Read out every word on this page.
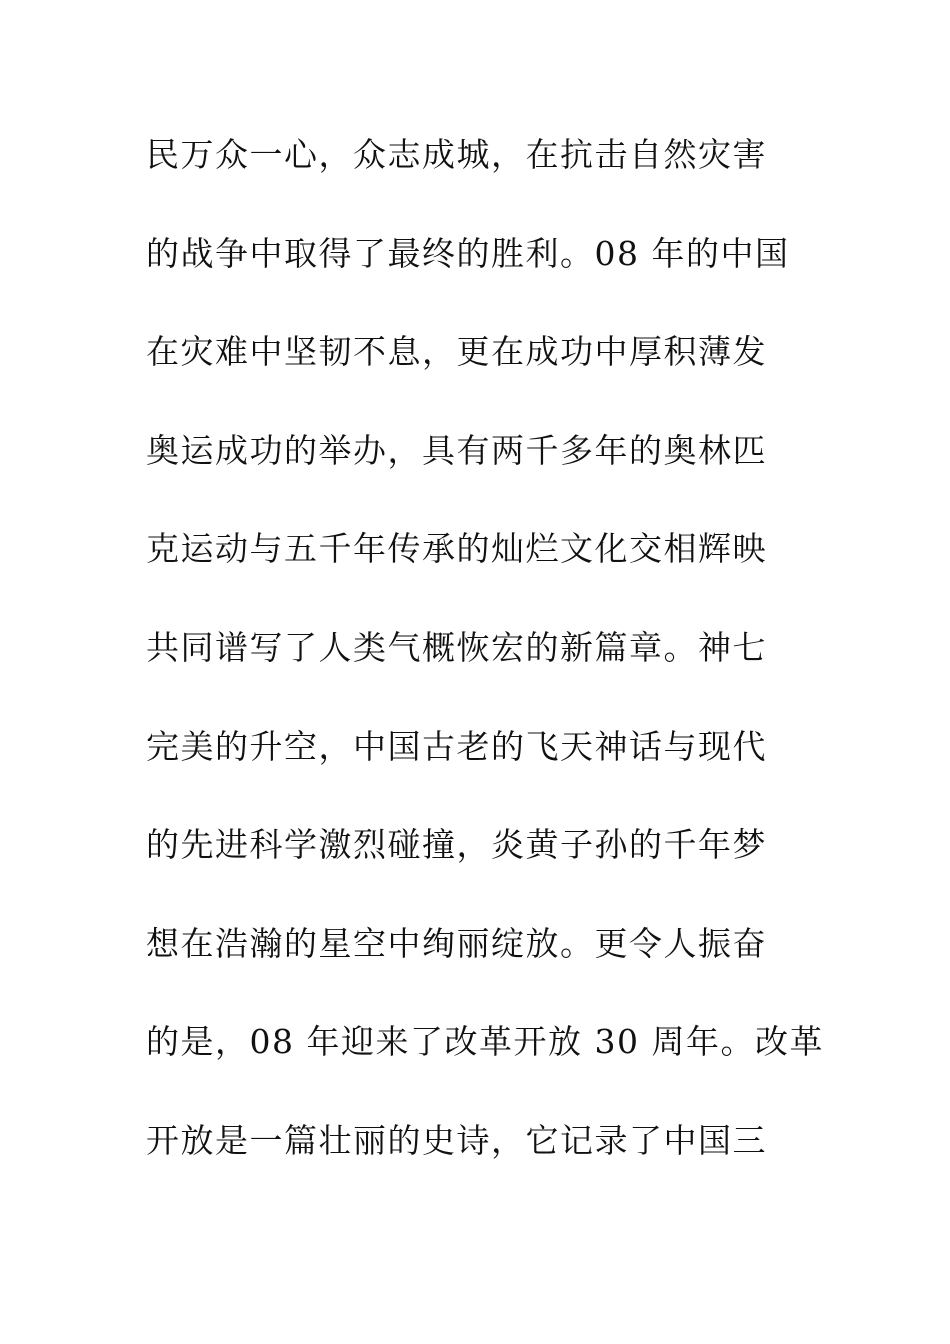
民万众一心，众志成城，在抗击自然灾害
的战争中取得了最终的胜利。08 年的中国
在灾难中坚韧不息，更在成功中厚积薄发
奥运成功的举办，具有两千多年的奥林匹
克运动与五千年传承的灿烂文化交相辉映
共同谱写了人类气概恢宏的新篇章。神七
完美的升空，中国古老的飞天神话与现代
的先进科学激烈碰撞，炎黄子孙的千年梦
想在浩瀚的星空中绚丽绽放。更令人振奋
的是，08 年迎来了改革开放 30 周年。改革
开放是一篇壮丽的史诗，它记录了中国三
